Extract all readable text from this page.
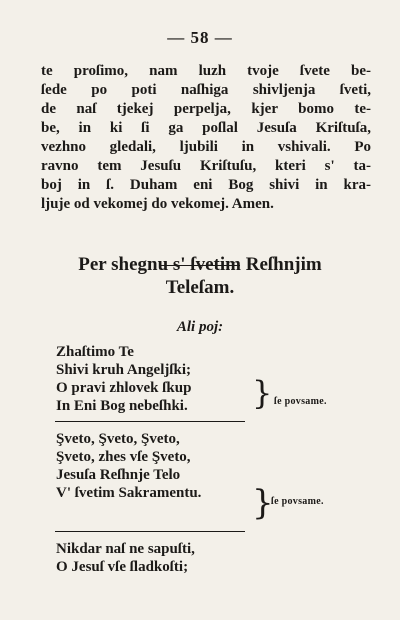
— 58 —
te proſimo, nam luzh tvoje ſvete be-
ſede po poti naſhiga shivljenja ſveti,
de naſ tjekej perpelja, kjer bomo te-
be, in ki ſi ga poſlal Jesuſa Kriſtuſa,
vezhno gledali, ljubili in vshivali. Po
ravno tem Jesuſu Kriſtuſu, kteri s' ta-
boj in ſ. Duham eni Bog shivi in kra-
ljuje od vekomej do vekomej. Amen.
Per shegnu s' ſvetim Reſhnjim
Teleſam.
Ali poj:
Zhaſtimo Te
Shivi kruh Angeljſki;
O pravi zhlovek ſkup
In Eni Bog nebeſhki. } ſe povsame.
Şveto, Şveto, Şveto,
Şveto, zhes vſe Şveto,
Jesuſa Reſhnje Telo
V' ſvetim Sakramentu. }
ſe povsame.
Nikdar naſ ne sapuſti,
O Jesuſ vſe ſladkoſti;
